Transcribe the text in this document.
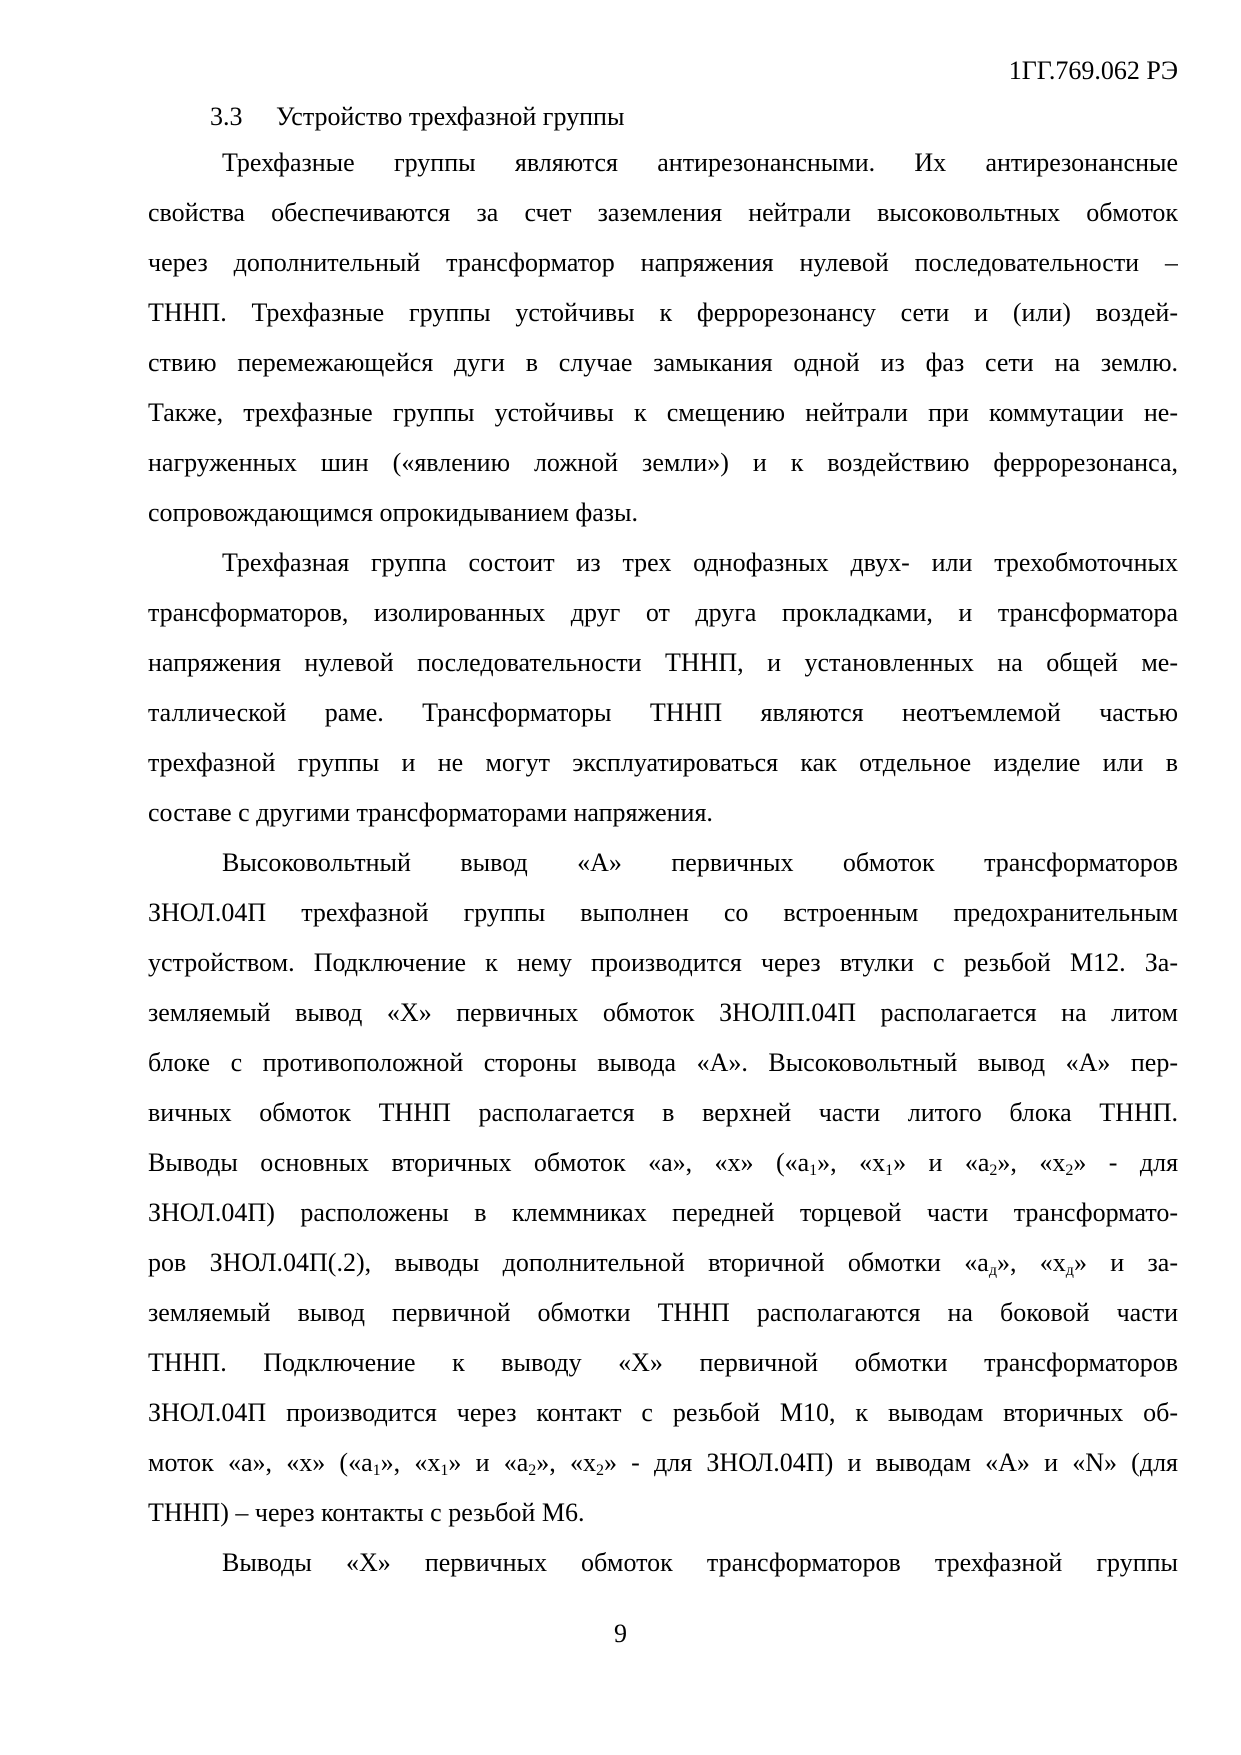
1ГГ.769.062 РЭ
3.3 Устройство трехфазной группы
Трехфазные группы являются антирезонансными. Их антирезонансные
свойства обеспечиваются за счет заземления нейтрали высоковольтных обмоток
через дополнительный трансформатор напряжения нулевой последовательности –
ТННП. Трехфазные группы устойчивы к феррорезонансу сети и (или) воздей-
ствию перемежающейся дуги в случае замыкания одной из фаз сети на землю.
Также, трехфазные группы устойчивы к смещению нейтрали при коммутации не-
нагруженных шин («явлению ложной земли») и к воздействию феррорезонанса,
сопровождающимся опрокидыванием фазы.
Трехфазная группа состоит из трех однофазных двух- или трехобмоточных
трансформаторов, изолированных друг от друга прокладками, и трансформатора
напряжения нулевой последовательности ТННП, и установленных на общей ме-
таллической раме. Трансформаторы ТННП являются неотъемлемой частью
трехфазной группы и не могут эксплуатироваться как отдельное изделие или в
составе с другими трансформаторами напряжения.
Высоковольтный вывод «А» первичных обмоток трансформаторов
ЗНОЛ.04П трехфазной группы выполнен со встроенным предохранительным
устройством. Подключение к нему производится через втулки с резьбой М12. За-
земляемый вывод «Х» первичных обмоток ЗНОЛП.04П располагается на литом
блоке с противоположной стороны вывода «А». Высоковольтный вывод «А» пер-
вичных обмоток ТННП располагается в верхней части литого блока ТННП.
Выводы основных вторичных обмоток «а», «х» («$а_1$», «$х_1$» и «$а_2$», «$х_2$» - для
ЗНОЛ.04П) расположены в клеммниках передней торцевой части трансформато-
ров ЗНОЛ.04П(.2), выводы дополнительной вторичной обмотки «$а_д$», «$х_д$» и за-
земляемый вывод первичной обмотки ТННП располагаются на боковой части
ТННП. Подключение к выводу «Х» первичной обмотки трансформаторов
ЗНОЛ.04П производится через контакт с резьбой М10, к выводам вторичных об-
моток «а», «х» («$а_1$», «$х_1$» и «$а_2$», «$х_2$» - для ЗНОЛ.04П) и выводам «А» и «N» (для
ТННП) – через контакты с резьбой М6.
Выводы «Х» первичных обмоток трансформаторов трехфазной группы
9
